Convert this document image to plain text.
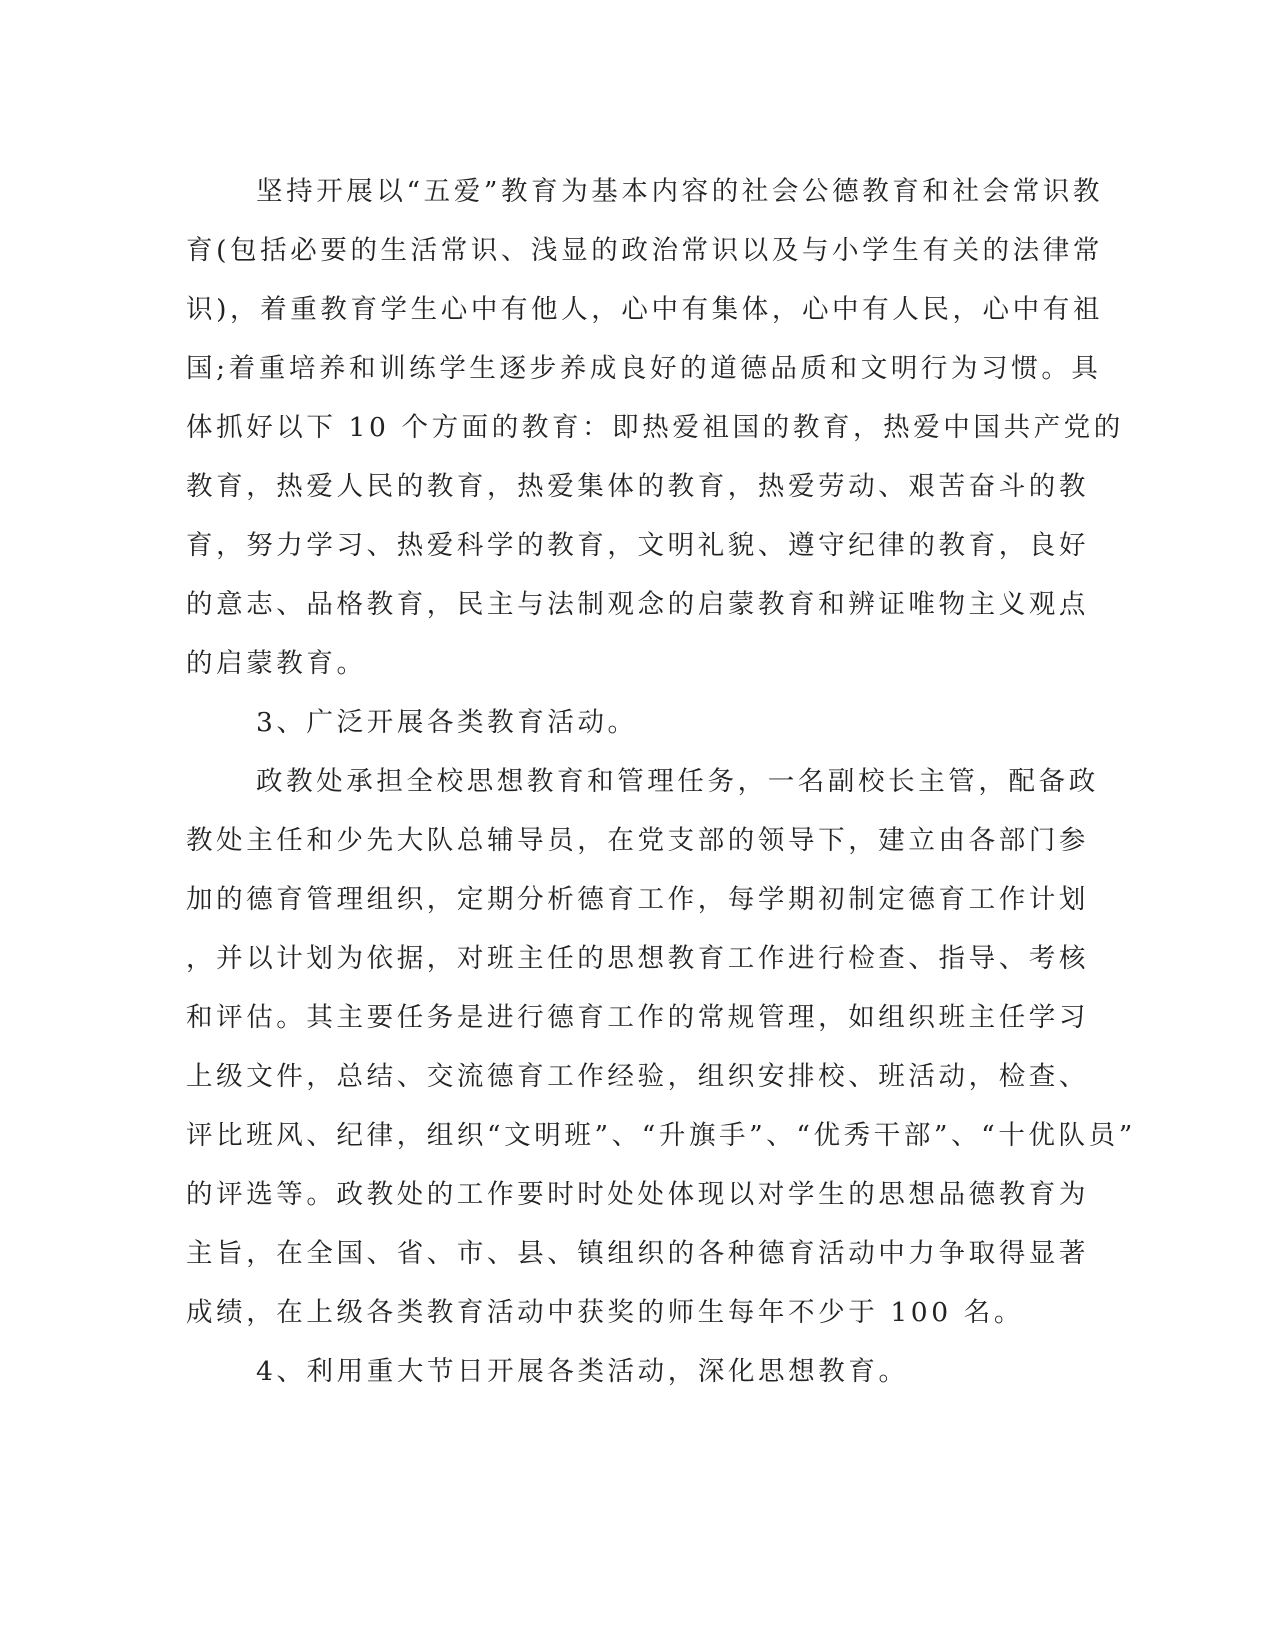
坚持开展以“五爱”教育为基本内容的社会公德教育和社会常识教
育(包括必要的生活常识、浅显的政治常识以及与小学生有关的法律常
识)，着重教育学生心中有他人，心中有集体，心中有人民，心中有祖
国;着重培养和训练学生逐步养成良好的道德品质和文明行为习惯。具
体抓好以下 10 个方面的教育：即热爱祖国的教育，热爱中国共产党的
教育，热爱人民的教育，热爱集体的教育，热爱劳动、艰苦奋斗的教
育，努力学习、热爱科学的教育，文明礼貌、遵守纪律的教育，良好
的意志、品格教育，民主与法制观念的启蒙教育和辨证唯物主义观点
的启蒙教育。
3、广泛开展各类教育活动。
政教处承担全校思想教育和管理任务，一名副校长主管，配备政
教处主任和少先大队总辅导员，在党支部的领导下，建立由各部门参
加的德育管理组织，定期分析德育工作，每学期初制定德育工作计划
，并以计划为依据，对班主任的思想教育工作进行检查、指导、考核
和评估。其主要任务是进行德育工作的常规管理，如组织班主任学习
上级文件，总结、交流德育工作经验，组织安排校、班活动，检查、
评比班风、纪律，组织“文明班”、“升旗手”、“优秀干部”、“十优队员”
的评选等。政教处的工作要时时处处体现以对学生的思想品德教育为
主旨，在全国、省、市、县、镇组织的各种德育活动中力争取得显著
成绩，在上级各类教育活动中获奖的师生每年不少于 100 名。
4、利用重大节日开展各类活动，深化思想教育。
